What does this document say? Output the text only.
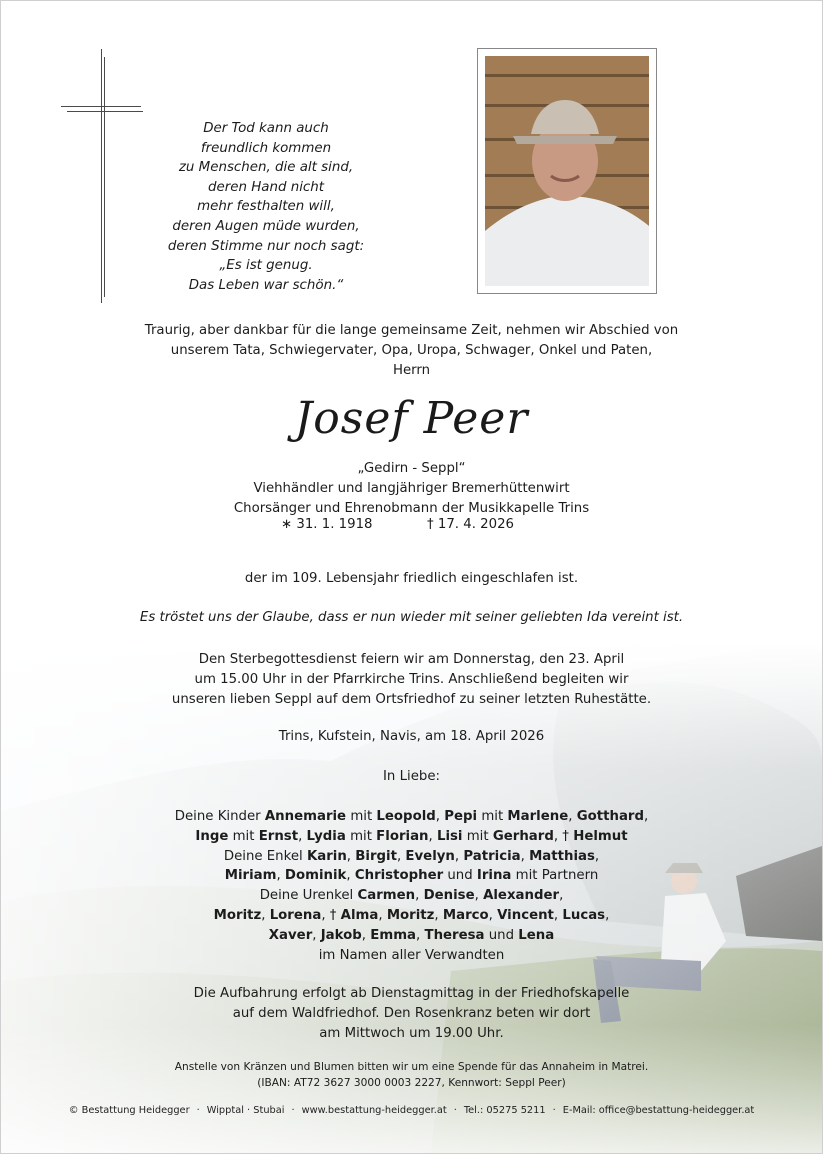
Der Tod kann auch
freundlich kommen
zu Menschen, die alt sind,
deren Hand nicht
mehr festhalten will,
deren Augen müde wurden,
deren Stimme nur noch sagt:
„Es ist genug.
Das Leben war schön.“
Traurig, aber dankbar für die lange gemeinsame Zeit, nehmen wir Abschied von
unserem Tata, Schwiegervater, Opa, Uropa, Schwager, Onkel und Paten,
Herrn
Josef Peer
„Gedirn - Seppl“
Viehhändler und langjähriger Bremerhüttenwirt
Chorsänger und Ehrenobmann der Musikkapelle Trins
∗ 31. 1. 1918	† 17. 4. 2026
der im 109. Lebensjahr friedlich eingeschlafen ist.
Es tröstet uns der Glaube, dass er nun wieder mit seiner geliebten Ida vereint ist.
Den Sterbegottesdienst feiern wir am Donnerstag, den 23. April
um 15.00 Uhr in der Pfarrkirche Trins. Anschließend begleiten wir
unseren lieben Seppl auf dem Ortsfriedhof zu seiner letzten Ruhestätte.
Trins, Kufstein, Navis, am 18. April 2026
In Liebe:
Deine Kinder Annemarie mit Leopold, Pepi mit Marlene, Gotthard,
Inge mit Ernst, Lydia mit Florian, Lisi mit Gerhard, † Helmut
Deine Enkel Karin, Birgit, Evelyn, Patricia, Matthias,
Miriam, Dominik, Christopher und Irina mit Partnern
Deine Urenkel Carmen, Denise, Alexander,
Moritz, Lorena, † Alma, Moritz, Marco, Vincent, Lucas,
Xaver, Jakob, Emma, Theresa und Lena
im Namen aller Verwandten
Die Aufbahrung erfolgt ab Dienstagmittag in der Friedhofskapelle
auf dem Waldfriedhof. Den Rosenkranz beten wir dort
am Mittwoch um 19.00 Uhr.
Anstelle von Kränzen und Blumen bitten wir um eine Spende für das Annaheim in Matrei.
(IBAN: AT72 3627 3000 0003 2227, Kennwort: Seppl Peer)
© Bestattung Heidegger · Wipptal · Stubai · www.bestattung-heidegger.at · Tel.: 05275 5211 · E-Mail: office@bestattung-heidegger.at
